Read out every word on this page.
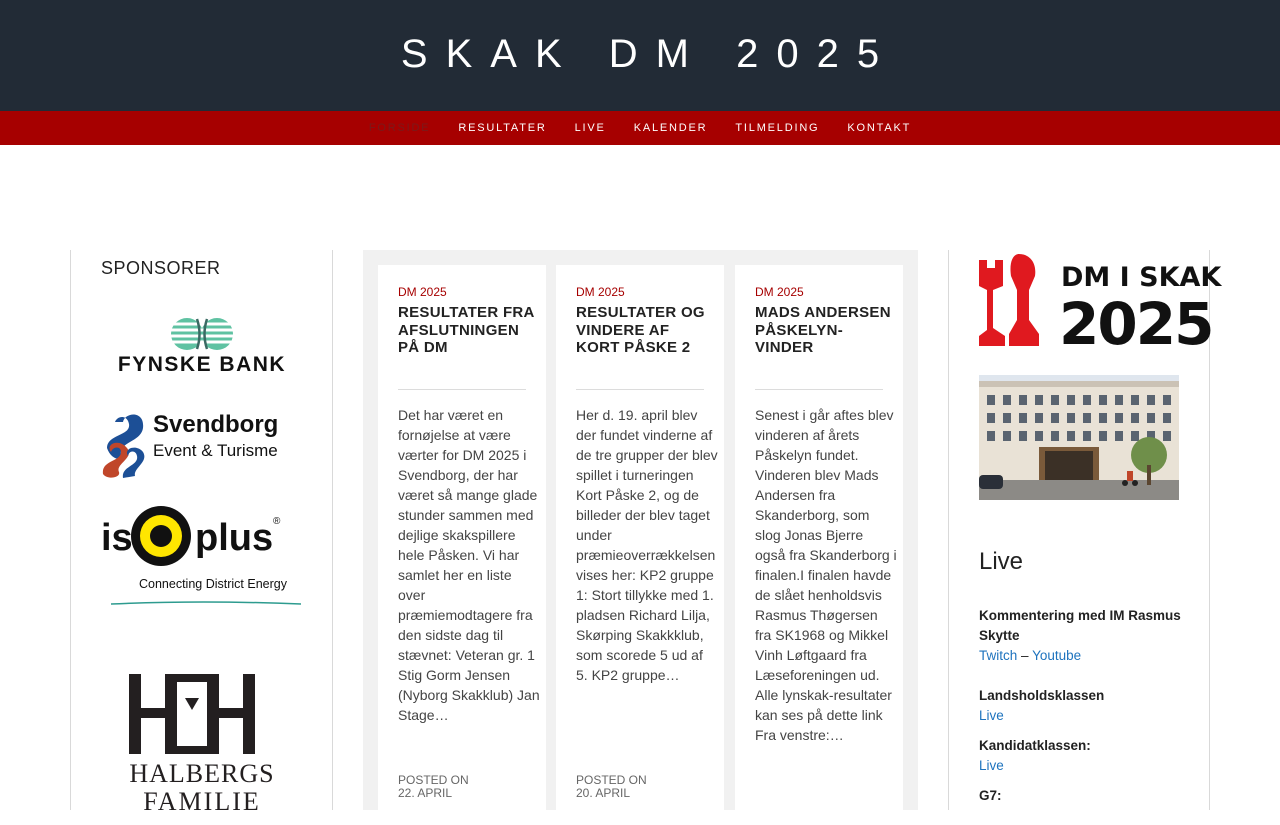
SKAK DM 2025
FORSIDE	RESULTATER	LIVE	KALENDER	TILMELDING	KONTAKT
SPONSORER
FYNSKE BANK
Svendborg
Event & Turisme
is plus ®
isoplus
Connecting District Energy
HALBERGS
FAMILIE
DM 2025
RESULTATER FRA AFSLUTNINGEN PÅ DM
Det har været en fornøjelse at være værter for DM 2025 i Svendborg, der har været så mange glade stunder sammen med dejlige skakspillere hele Påsken. Vi har samlet her en liste over præmiemodtagere fra den sidste dag til stævnet: Veteran gr. 1 Stig Gorm Jensen (Nyborg Skakklub) Jan Stage…
POSTED ON
22. APRIL
DM 2025
RESULTATER OG VINDERE AF KORT PÅSKE 2
Her d. 19. april blev der fundet vinderne af de tre grupper der blev spillet i turneringen Kort Påske 2, og de billeder der blev taget under præmieoverrækkelsen vises her: KP2 gruppe 1: Stort tillykke med 1. pladsen Richard Lilja, Skørping Skakkklub, som scorede 5 ud af 5. KP2 gruppe…
POSTED ON
20. APRIL
DM 2025
MADS ANDERSEN PÅSKELYN-VINDER
Senest i går aftes blev vinderen af årets Påskelyn fundet. Vinderen blev Mads Andersen fra Skanderborg, som slog Jonas Bjerre også fra Skanderborg i finalen.I finalen havde de slået henholdsvis Rasmus Thøgersen fra SK1968 og Mikkel Vinh Løftgaard fra Læseforeningen ud. Alle lynskak-resultater kan ses på dette link Fra venstre:…
DM I SKAK
2025
Live
Kommentering med IM Rasmus Skytte
Twitch – Youtube
Landsholdsklassen
Live
Kandidatklassen:
Live
G7:
